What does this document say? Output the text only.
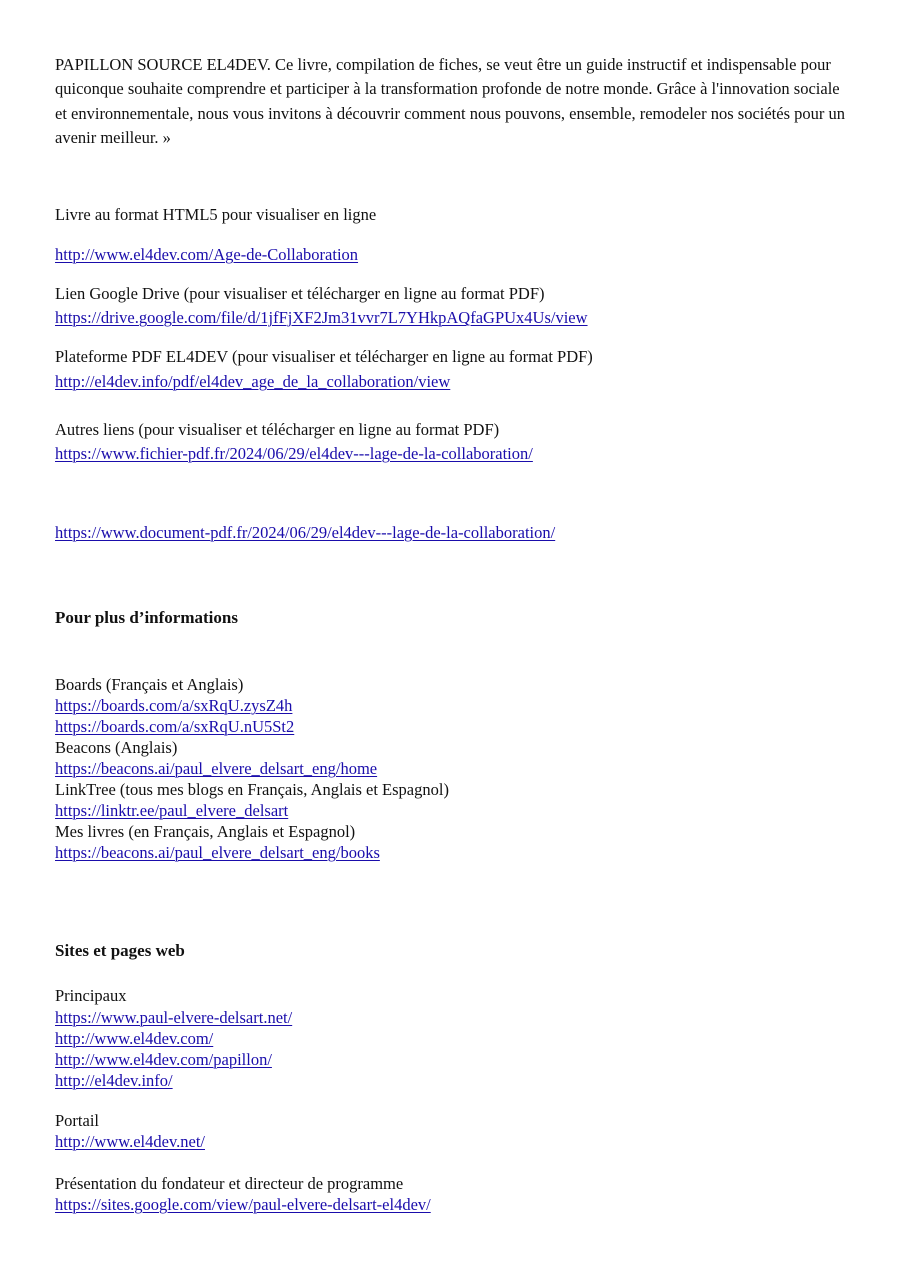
PAPILLON SOURCE EL4DEV. Ce livre, compilation de fiches, se veut être un guide instructif et indispensable pour quiconque souhaite comprendre et participer à la transformation profonde de notre monde. Grâce à l'innovation sociale et environnementale, nous vous invitons à découvrir comment nous pouvons, ensemble, remodeler nos sociétés pour un avenir meilleur. »

Livre au format HTML5 pour visualiser en ligne
http://www.el4dev.com/Age-de-Collaboration
Lien Google Drive (pour visualiser et télécharger en ligne au format PDF)
https://drive.google.com/file/d/1jfFjXF2Jm31vvr7L7YHkpAQfaGPUx4Us/view
Plateforme PDF EL4DEV (pour visualiser et télécharger en ligne au format PDF)
http://el4dev.info/pdf/el4dev_age_de_la_collaboration/view
Autres liens (pour visualiser et télécharger en ligne au format PDF)
https://www.fichier-pdf.fr/2024/06/29/el4dev---lage-de-la-collaboration/
https://www.document-pdf.fr/2024/06/29/el4dev---lage-de-la-collaboration/
Pour plus d’informations
Boards (Français et Anglais)
https://boards.com/a/sxRqU.zysZ4h
https://boards.com/a/sxRqU.nU5St2
Beacons (Anglais)
https://beacons.ai/paul_elvere_delsart_eng/home
LinkTree (tous mes blogs en Français, Anglais et Espagnol)
https://linktr.ee/paul_elvere_delsart
Mes livres (en Français, Anglais et Espagnol)
https://beacons.ai/paul_elvere_delsart_eng/books
Sites et pages web
Principaux
https://www.paul-elvere-delsart.net/
http://www.el4dev.com/
http://www.el4dev.com/papillon/
http://el4dev.info/
Portail
http://www.el4dev.net/
Présentation du fondateur et directeur de programme
https://sites.google.com/view/paul-elvere-delsart-el4dev/
